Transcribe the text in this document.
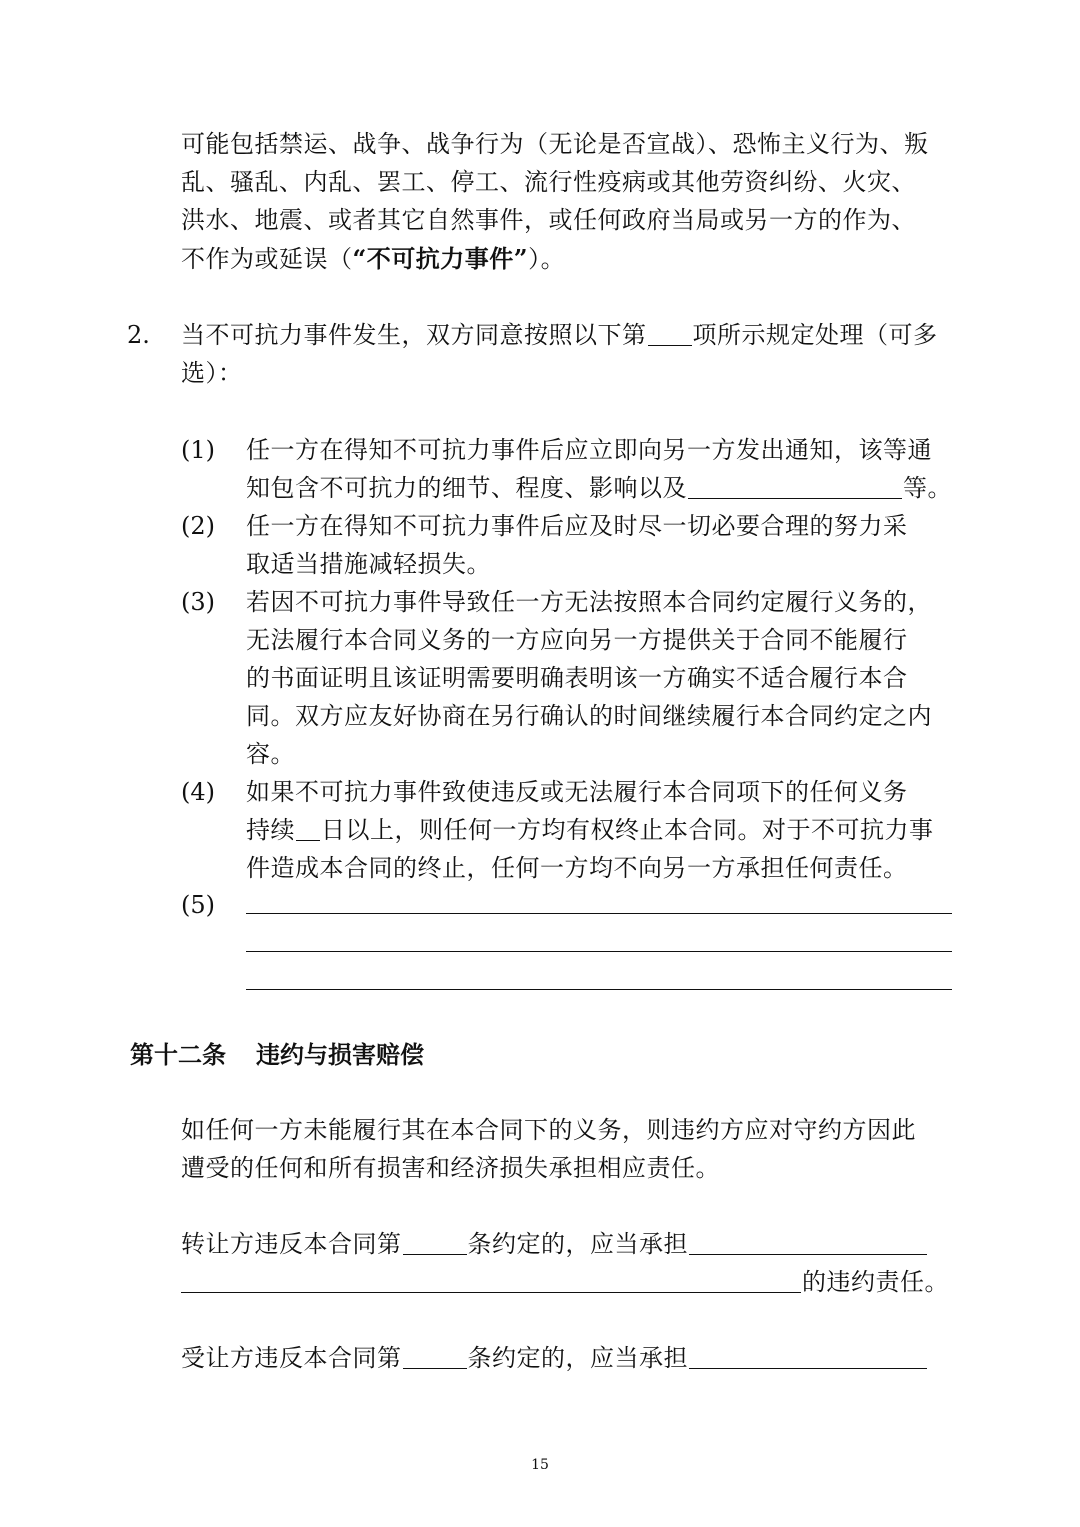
可能包括禁运、战争、战争行为（无论是否宣战）、恐怖主义行为、叛
乱、骚乱、内乱、罢工、停工、流行性疫病或其他劳资纠纷、火灾、
洪水、地震、或者其它自然事件，或任何政府当局或另一方的作为、
不作为或延误（“不可抗力事件”）。
2. 当不可抗力事件发生，双方同意按照以下第 项所示规定处理（可多
选）：
(1) 任一方在得知不可抗力事件后应立即向另一方发出通知，该等通
知包含不可抗力的细节、程度、影响以及	等。
(2) 任一方在得知不可抗力事件后应及时尽一切必要合理的努力采
取适当措施减轻损失。
(3) 若因不可抗力事件导致任一方无法按照本合同约定履行义务的，
无法履行本合同义务的一方应向另一方提供关于合同不能履行
的书面证明且该证明需要明确表明该一方确实不适合履行本合
同。双方应友好协商在另行确认的时间继续履行本合同约定之内
容。
(4) 如果不可抗力事件致使违反或无法履行本合同项下的任何义务
持续 日以上，则任何一方均有权终止本合同。对于不可抗力事
件造成本合同的终止，任何一方均不向另一方承担任何责任。
(5)
第十二条 违约与损害赔偿
如任何一方未能履行其在本合同下的义务，则违约方应对守约方因此
遭受的任何和所有损害和经济损失承担相应责任。
转让方违反本合同第	条约定的，应当承担
的违约责任。
受让方违反本合同第	条约定的，应当承担
15
